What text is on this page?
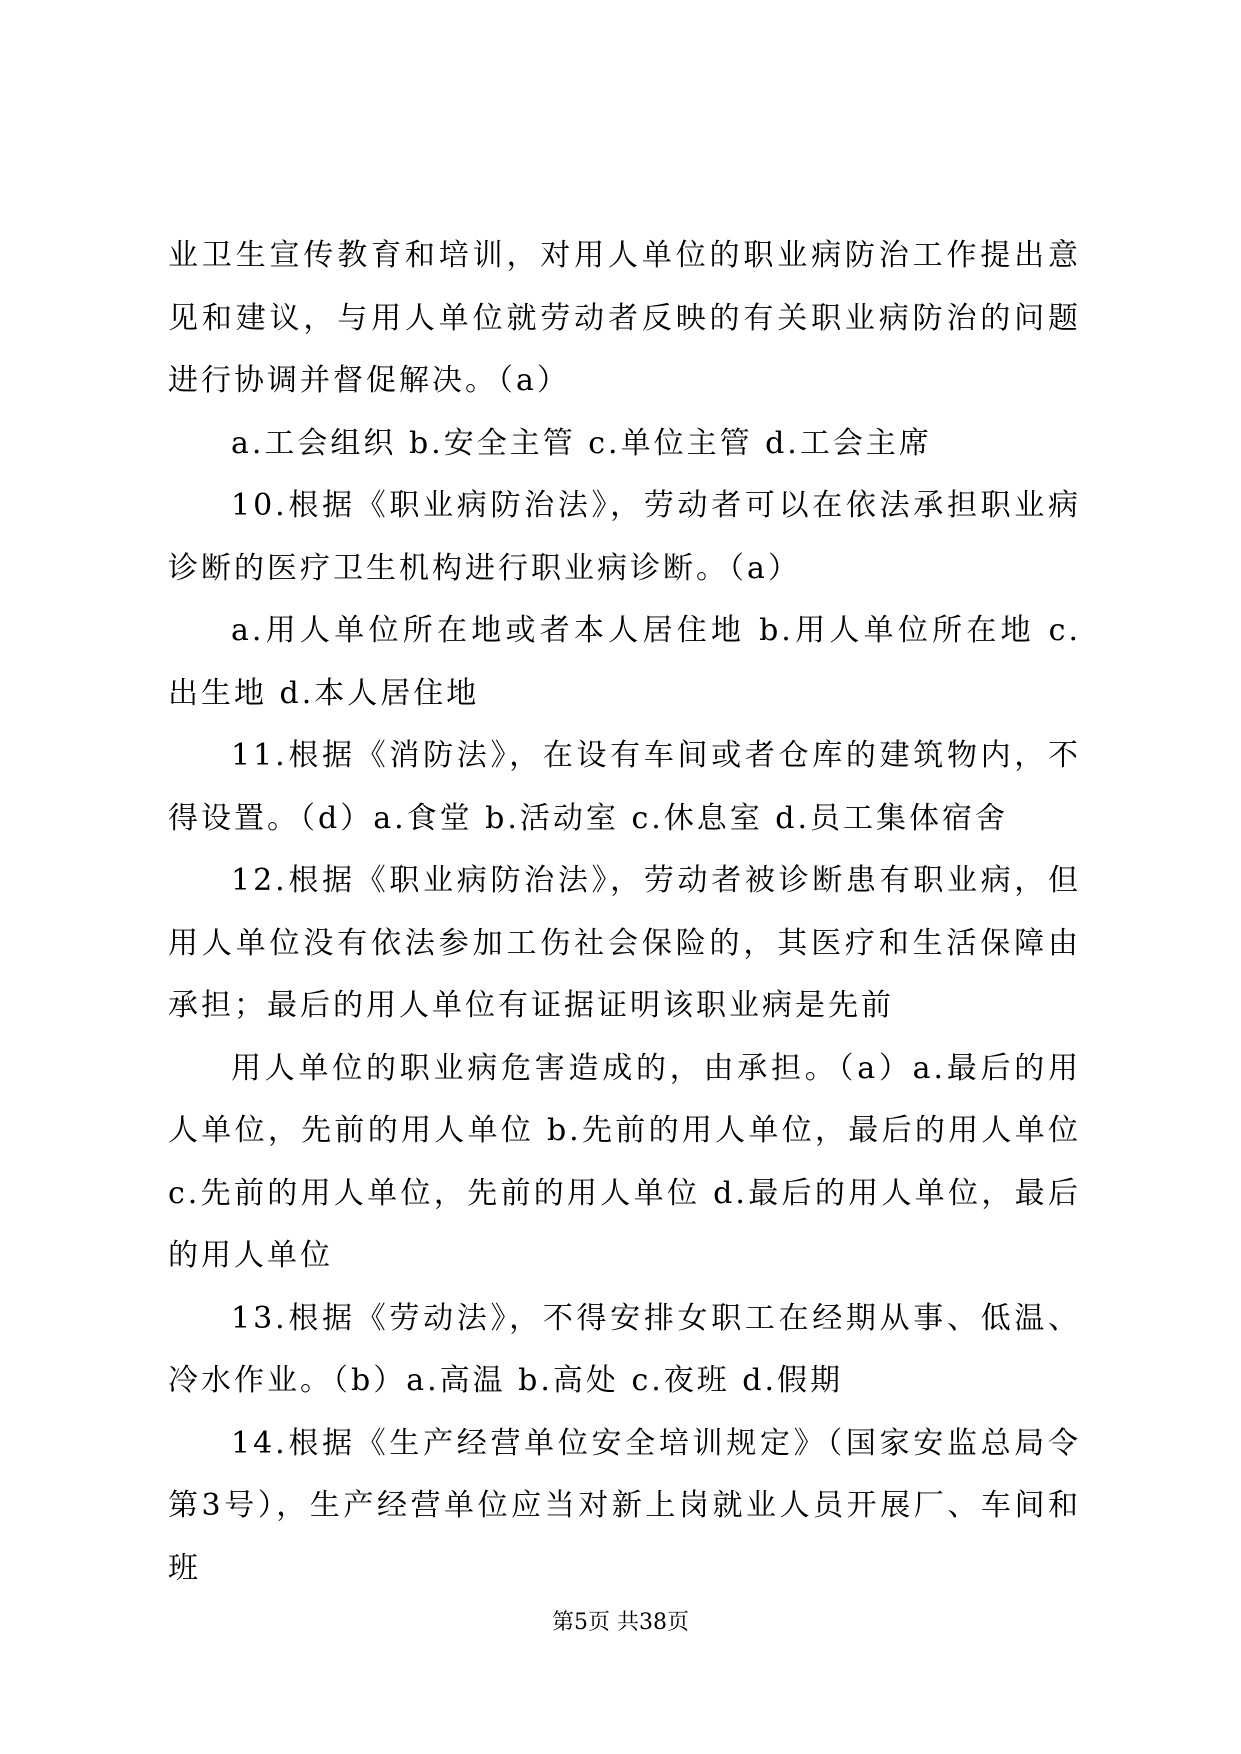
业卫生宣传教育和培训，对用人单位的职业病防治工作提出意见和建议，与用人单位就劳动者反映的有关职业病防治的问题进行协调并督促解决。（a）

a.工会组织 b.安全主管 c.单位主管 d.工会主席

10.根据《职业病防治法》，劳动者可以在依法承担职业病诊断的医疗卫生机构进行职业病诊断。（a）

a.用人单位所在地或者本人居住地 b.用人单位所在地 c.出生地 d.本人居住地

11.根据《消防法》，在设有车间或者仓库的建筑物内，不得设置。（d）a.食堂 b.活动室 c.休息室 d.员工集体宿舍

12.根据《职业病防治法》，劳动者被诊断患有职业病，但用人单位没有依法参加工伤社会保险的，其医疗和生活保障由承担；最后的用人单位有证据证明该职业病是先前

用人单位的职业病危害造成的，由承担。（a）a.最后的用人单位，先前的用人单位 b.先前的用人单位，最后的用人单位 c.先前的用人单位，先前的用人单位 d.最后的用人单位，最后的用人单位

13.根据《劳动法》，不得安排女职工在经期从事、低温、冷水作业。（b）a.高温 b.高处 c.夜班 d.假期

14.根据《生产经营单位安全培训规定》（国家安监总局令第3号），生产经营单位应当对新上岗就业人员开展厂、车间和班

第5页 共38页
